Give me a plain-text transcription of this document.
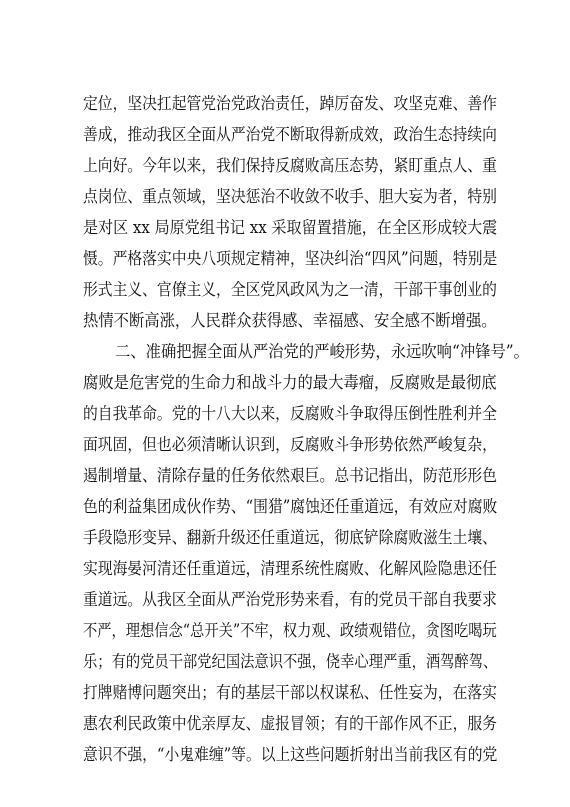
定位，坚决扛起管党治党政治责任，踔厉奋发、攻坚克难、善作
善成，推动我区全面从严治党不断取得新成效，政治生态持续向
上向好。今年以来，我们保持反腐败高压态势，紧盯重点人、重
点岗位、重点领域，坚决惩治不收敛不收手、胆大妄为者，特别
是对区 xx 局原党组书记 xx 采取留置措施，在全区形成较大震
慑。严格落实中央八项规定精神，坚决纠治“四风”问题，特别是
形式主义、官僚主义，全区党风政风为之一清，干部干事创业的
热情不断高涨，人民群众获得感、幸福感、安全感不断增强。
二、准确把握全面从严治党的严峻形势，永远吹响“冲锋号”。
腐败是危害党的生命力和战斗力的最大毒瘤，反腐败是最彻底
的自我革命。党的十八大以来，反腐败斗争取得压倒性胜利并全
面巩固，但也必须清晰认识到，反腐败斗争形势依然严峻复杂，
遏制增量、清除存量的任务依然艰巨。总书记指出，防范形形色
色的利益集团成伙作势、“围猎”腐蚀还任重道远，有效应对腐败
手段隐形变异、翻新升级还任重道远，彻底铲除腐败滋生土壤、
实现海晏河清还任重道远，清理系统性腐败、化解风险隐患还任
重道远。从我区全面从严治党形势来看，有的党员干部自我要求
不严，理想信念“总开关”不牢，权力观、政绩观错位，贪图吃喝玩
乐；有的党员干部党纪国法意识不强，侥幸心理严重，酒驾醉驾、
打牌赌博问题突出；有的基层干部以权谋私、任性妄为，在落实
惠农利民政策中优亲厚友、虚报冒领；有的干部作风不正，服务
意识不强，“小鬼难缠”等。以上这些问题折射出当前我区有的党
